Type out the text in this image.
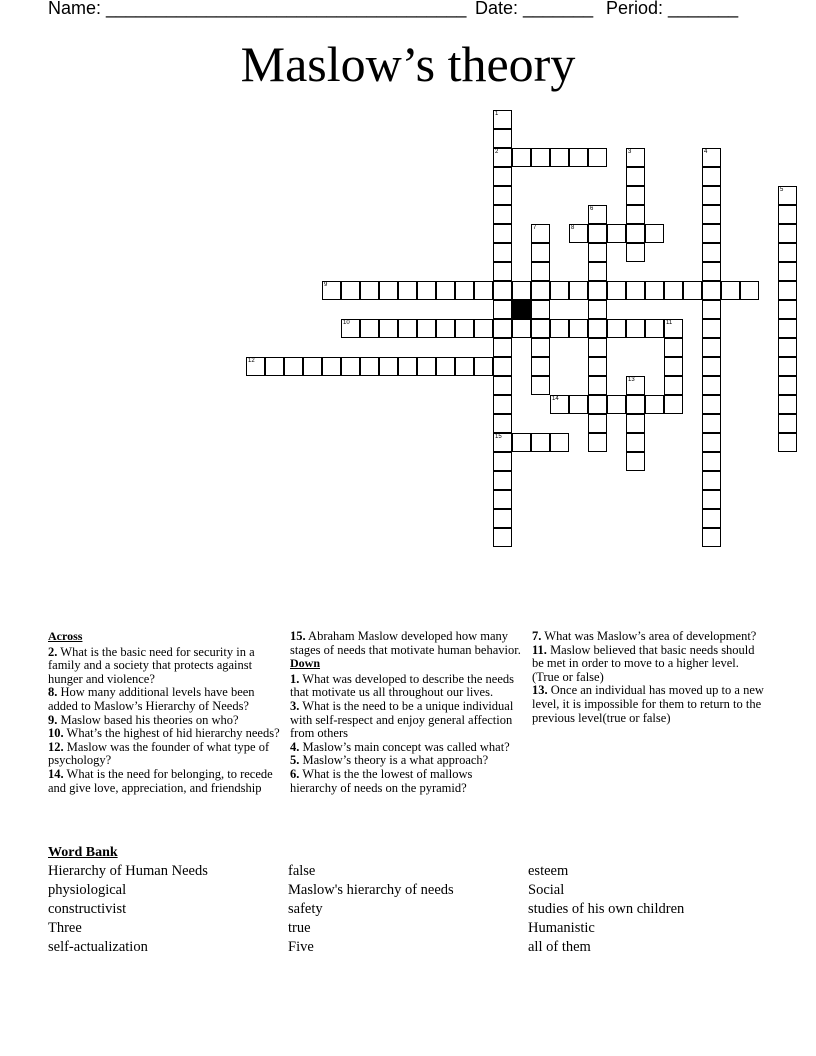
Name: ____________________________________ Date: _______ Period: _______
Maslow’s theory
1
2
15
3	4
5
6
7	8
9
10	11
12
13
14

Across

2. What is the basic need for security in a family and a society that protects against hunger and violence?

8. How many additional levels have been added to Maslow’s Hierarchy of Needs?

9. Maslow based his theories on who?

10. What’s the highest of hid hierarchy needs?

12. Maslow was the founder of what type of psychology?

14. What is the need for belonging, to recede and give love, appreciation, and friendship

15. Abraham Maslow developed how many stages of needs that motivate human behavior.

Down

1. What was developed to describe the needs that motivate us all throughout our lives.

3. What is the need to be a unique individual with self-respect and enjoy general affection from others

4. Maslow’s main concept was called what?

5. Maslow’s theory is a what approach?

6. What is the the lowest of mallows hierarchy of needs on the pyramid?

7. What was Maslow’s area of development?

11. Maslow believed that basic needs should be met in order to move to a higher level.(True or false)

13. Once an individual has moved up to a new level, it is impossible for them to return to the previous level(true or false)

Word Bank
Hierarchy of Human Needs
physiological
constructivist
Three
self-actualization
false
Maslow's hierarchy of needs
safety
true
Five
esteem
Social
studies of his own children
Humanistic
all of them
